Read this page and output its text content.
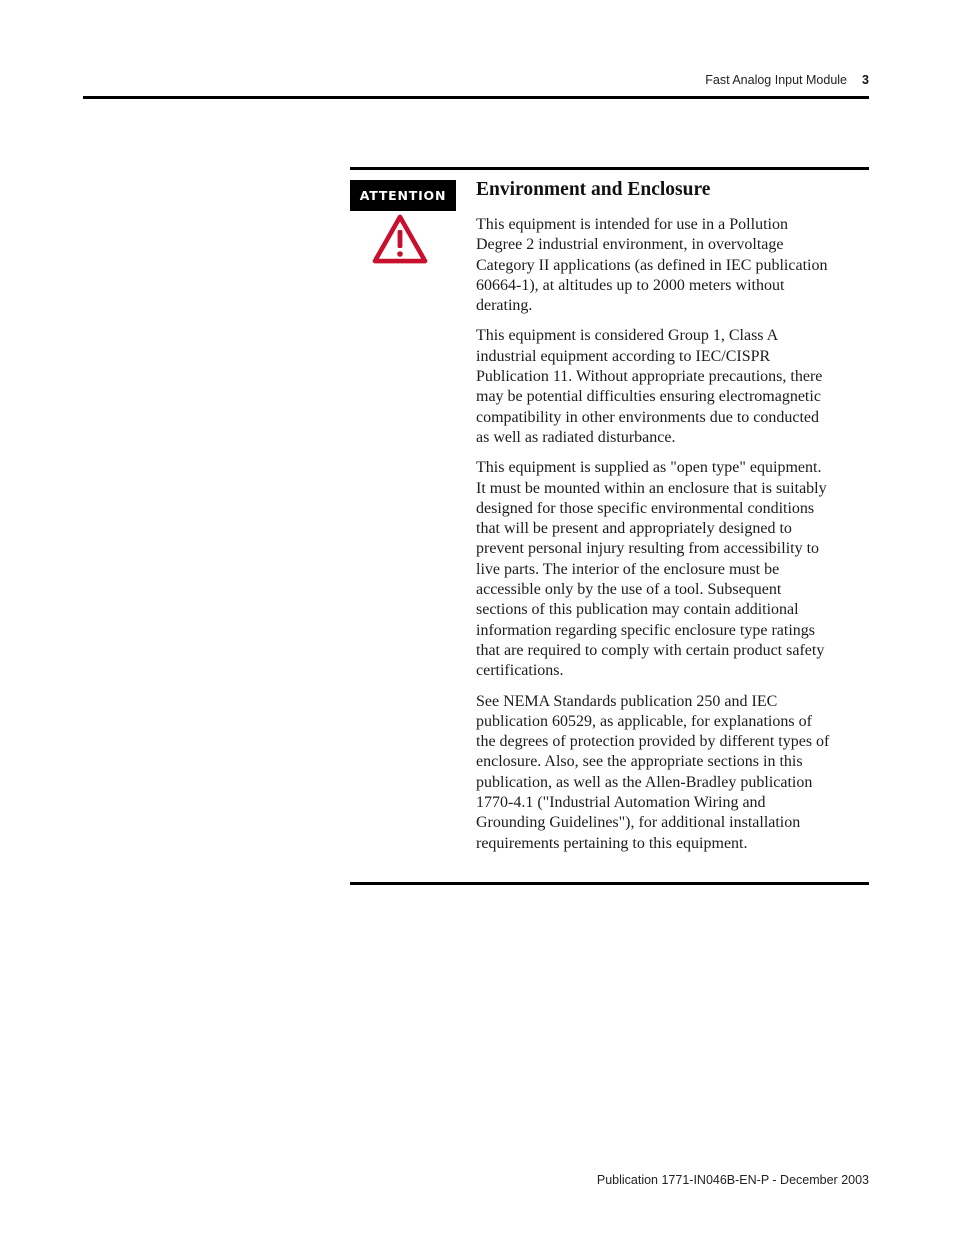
Fast Analog Input Module 3
ATTENTION	Environment and Enclosure

This equipment is intended for use in a Pollution Degree 2 industrial environment, in overvoltage Category II applications (as defined in IEC publication 60664-1), at altitudes up to 2000 meters without derating.

This equipment is considered Group 1, Class A industrial equipment according to IEC/CISPR Publication 11. Without appropriate precautions, there may be potential difficulties ensuring electromagnetic compatibility in other environments due to conducted as well as radiated disturbance.

This equipment is supplied as "open type" equipment. It must be mounted within an enclosure that is suitably designed for those specific environmental conditions that will be present and appropriately designed to prevent personal injury resulting from accessibility to live parts. The interior of the enclosure must be accessible only by the use of a tool. Subsequent sections of this publication may contain additional information regarding specific enclosure type ratings that are required to comply with certain product safety certifications.

See NEMA Standards publication 250 and IEC publication 60529, as applicable, for explanations of the degrees of protection provided by different types of enclosure. Also, see the appropriate sections in this publication, as well as the Allen-Bradley publication 1770-4.1 ("Industrial Automation Wiring and Grounding Guidelines"), for additional installation requirements pertaining to this equipment.

Publication 1771-IN046B-EN-P - December 2003
